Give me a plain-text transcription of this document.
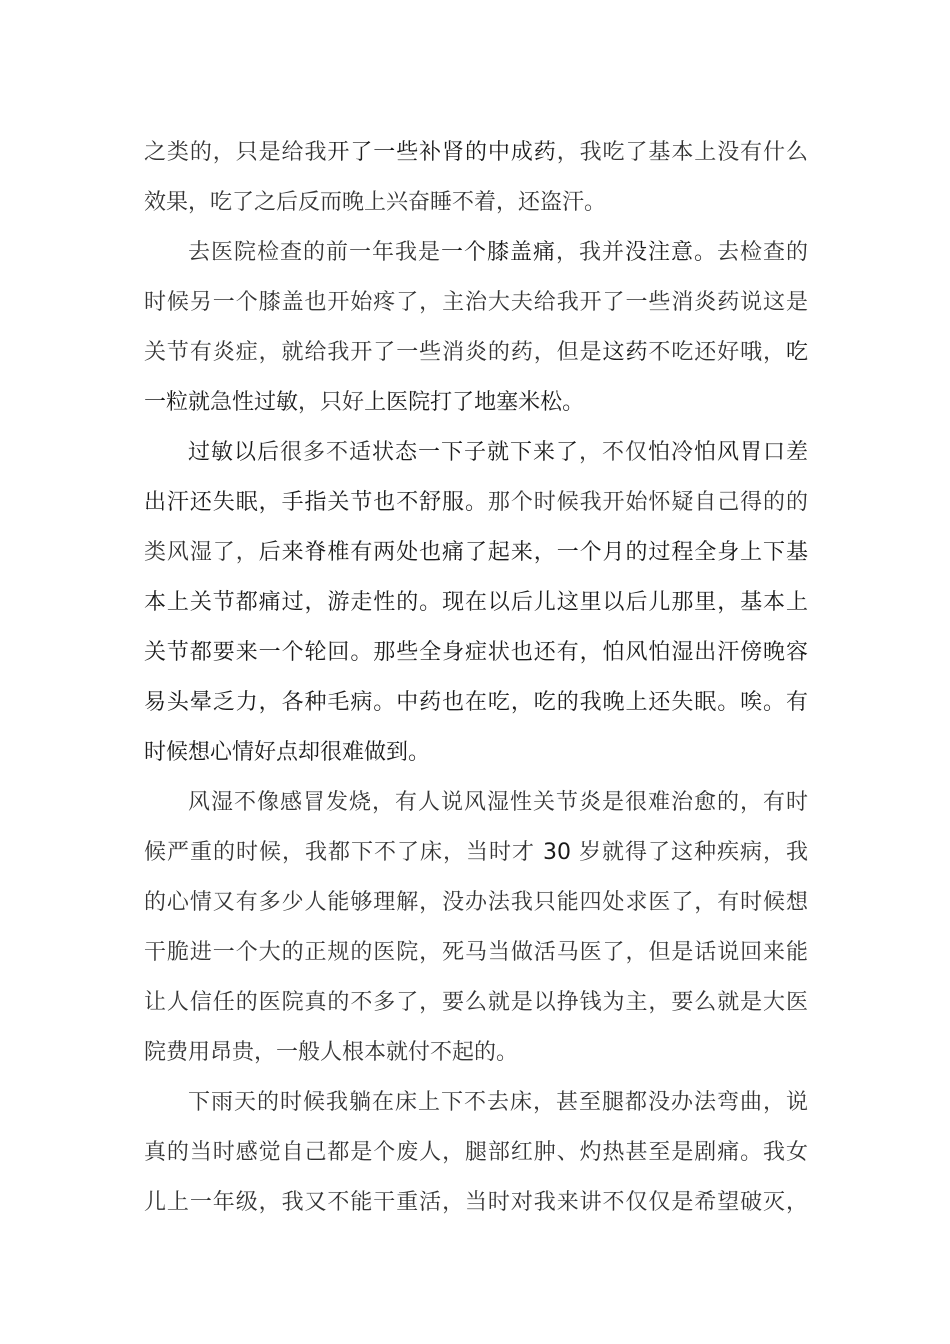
之类的，只是给我开了一些补肾的中成药，我吃了基本上没有什么
效果，吃了之后反而晚上兴奋睡不着，还盗汗。
去医院检查的前一年我是一个膝盖痛，我并没注意。去检查的
时候另一个膝盖也开始疼了，主治大夫给我开了一些消炎药说这是
关节有炎症，就给我开了一些消炎的药，但是这药不吃还好哦，吃
一粒就急性过敏，只好上医院打了地塞米松。
过敏以后很多不适状态一下子就下来了，不仅怕冷怕风胃口差
出汗还失眠，手指关节也不舒服。那个时候我开始怀疑自己得的的
类风湿了，后来脊椎有两处也痛了起来，一个月的过程全身上下基
本上关节都痛过，游走性的。现在以后儿这里以后儿那里，基本上
关节都要来一个轮回。那些全身症状也还有，怕风怕湿出汗傍晚容
易头晕乏力，各种毛病。中药也在吃，吃的我晚上还失眠。唉。有
时候想心情好点却很难做到。
风湿不像感冒发烧，有人说风湿性关节炎是很难治愈的，有时
候严重的时候，我都下不了床，当时才 30 岁就得了这种疾病，我
的心情又有多少人能够理解，没办法我只能四处求医了，有时候想
干脆进一个大的正规的医院，死马当做活马医了，但是话说回来能
让人信任的医院真的不多了，要么就是以挣钱为主，要么就是大医
院费用昂贵，一般人根本就付不起的。
下雨天的时候我躺在床上下不去床，甚至腿都没办法弯曲，说
真的当时感觉自己都是个废人，腿部红肿、灼热甚至是剧痛。我女
儿上一年级，我又不能干重活，当时对我来讲不仅仅是希望破灭，
